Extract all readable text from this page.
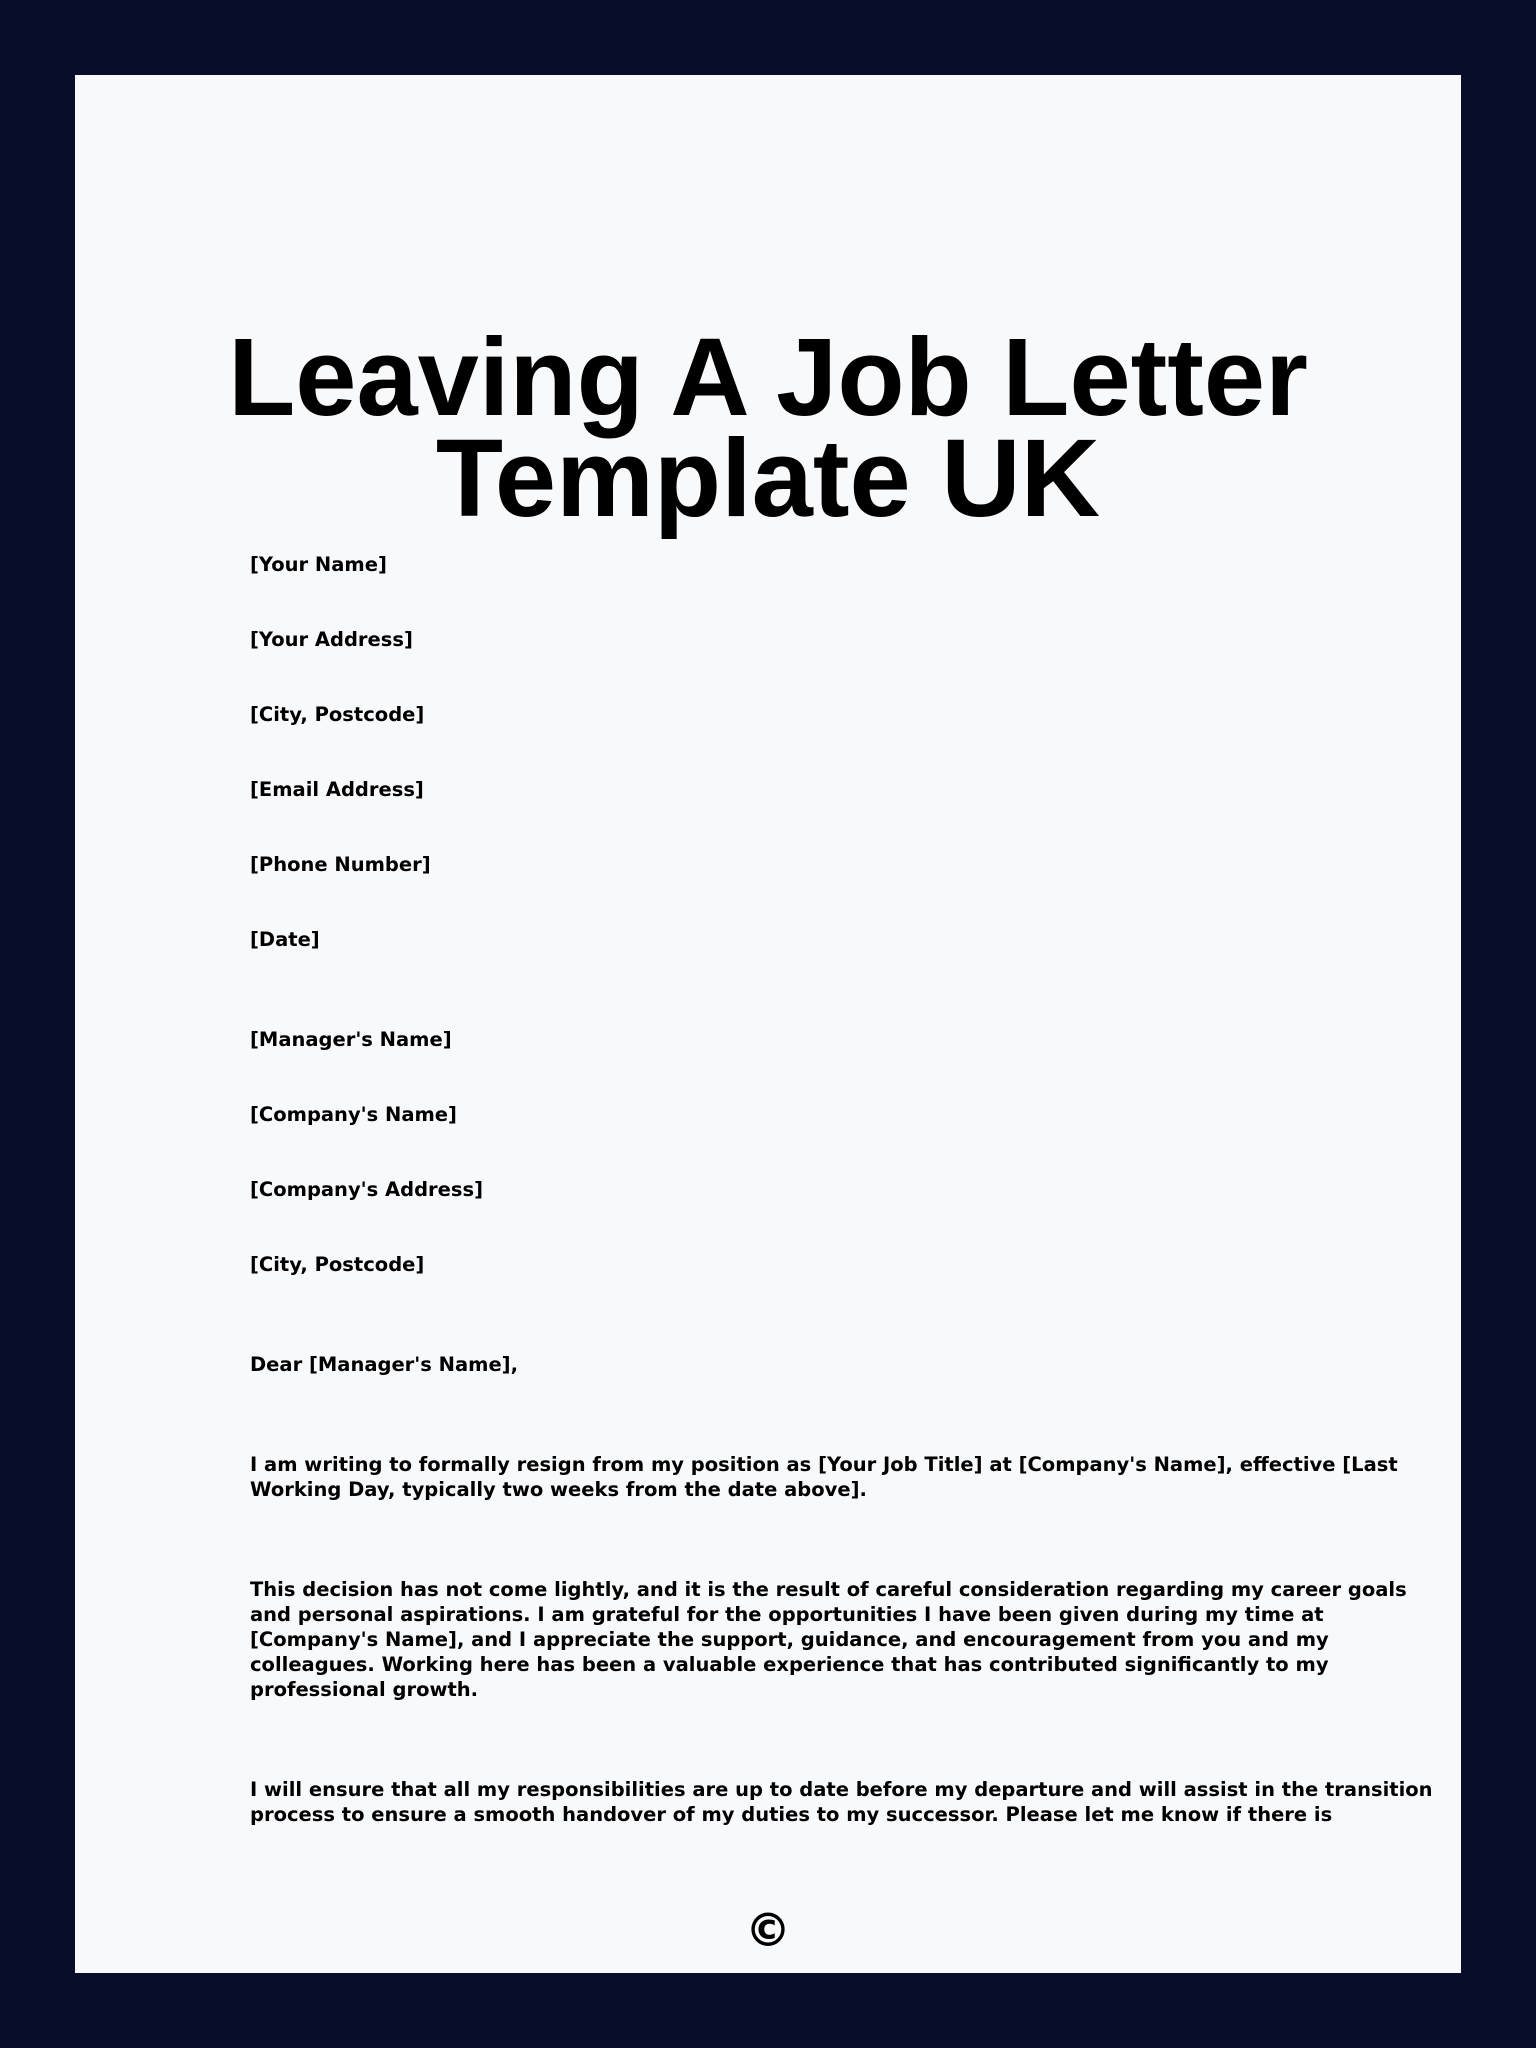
Leaving A Job Letter
Template UK
[Your Name]
[Your Address]
[City, Postcode]
[Email Address]
[Phone Number]
[Date]
[Manager's Name]
[Company's Name]
[Company's Address]
[City, Postcode]
Dear [Manager's Name],
I am writing to formally resign from my position as [Your Job Title] at [Company's Name], effective [Last
Working Day, typically two weeks from the date above].
This decision has not come lightly, and it is the result of careful consideration regarding my career goals
and personal aspirations. I am grateful for the opportunities I have been given during my time at
[Company's Name], and I appreciate the support, guidance, and encouragement from you and my
colleagues. Working here has been a valuable experience that has contributed significantly to my
professional growth.
I will ensure that all my responsibilities are up to date before my departure and will assist in the transition
process to ensure a smooth handover of my duties to my successor. Please let me know if there is
©
